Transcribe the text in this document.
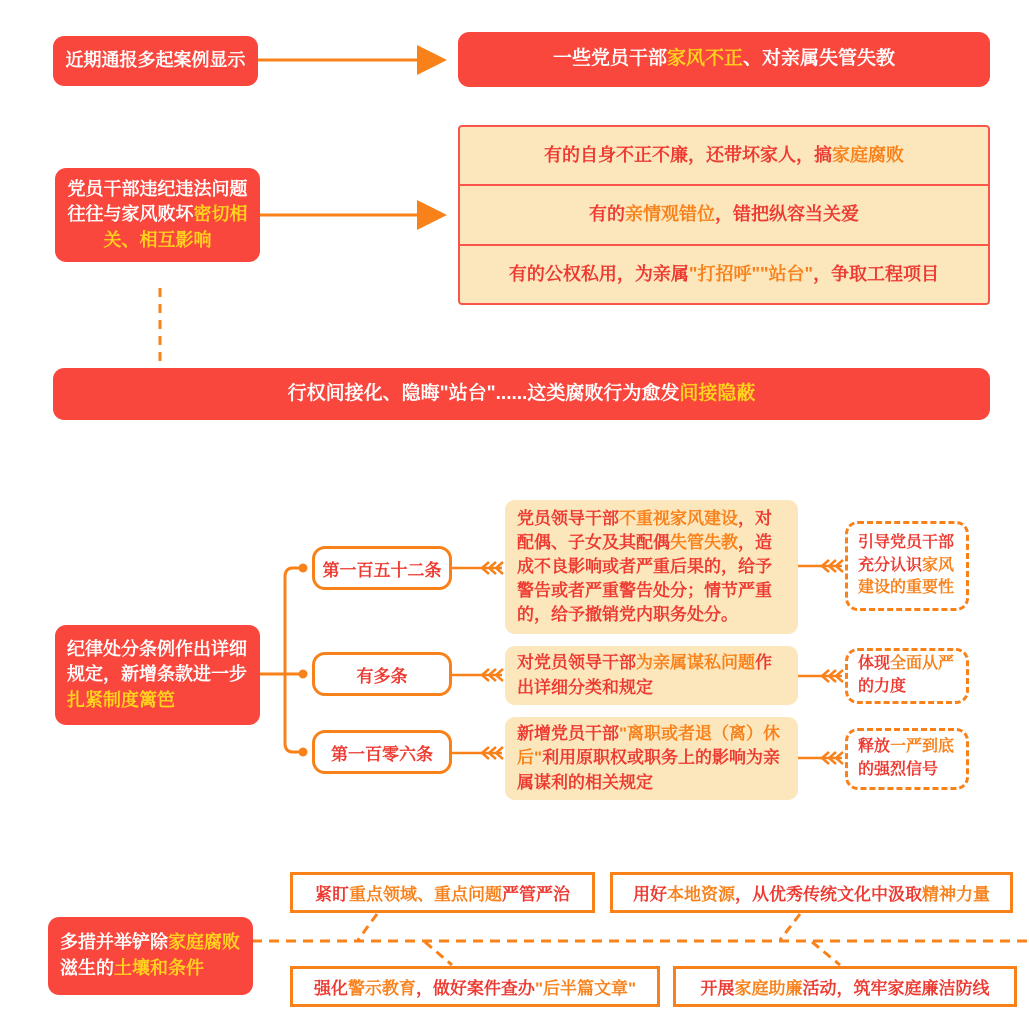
近期通报多起案例显示	一些党员干部家风不正、对亲属失管失教
党员干部违纪违法问题往往与家风败坏密切相关、相互影响
有的自身不正不廉，还带坏家人，搞家庭腐败
有的亲情观错位，错把纵容当关爱
有的公权私用，为亲属"打招呼""站台"，争取工程项目
行权间接化、隐晦"站台"......这类腐败行为愈发间接隐蔽
纪律处分条例作出详细规定，新增条款进一步扎紧制度篱笆
第一百五十二条
有多条
第一百零六条
党员领导干部不重视家风建设，对配偶、子女及其配偶失管失教，造成不良影响或者严重后果的，给予警告或者严重警告处分；情节严重的，给予撤销党内职务处分。
对党员领导干部为亲属谋私问题作出详细分类和规定
新增党员干部"离职或者退（离）休后"利用原职权或职务上的影响为亲属谋利的相关规定
引导党员干部充分认识家风建设的重要性
体现全面从严的力度
释放一严到底的强烈信号
多措并举铲除家庭腐败滋生的土壤和条件
紧盯重点领域、重点问题严管严治	用好本地资源，从优秀传统文化中汲取精神力量
强化警示教育，做好案件查办"后半篇文章"	开展家庭助廉活动，筑牢家庭廉洁防线
